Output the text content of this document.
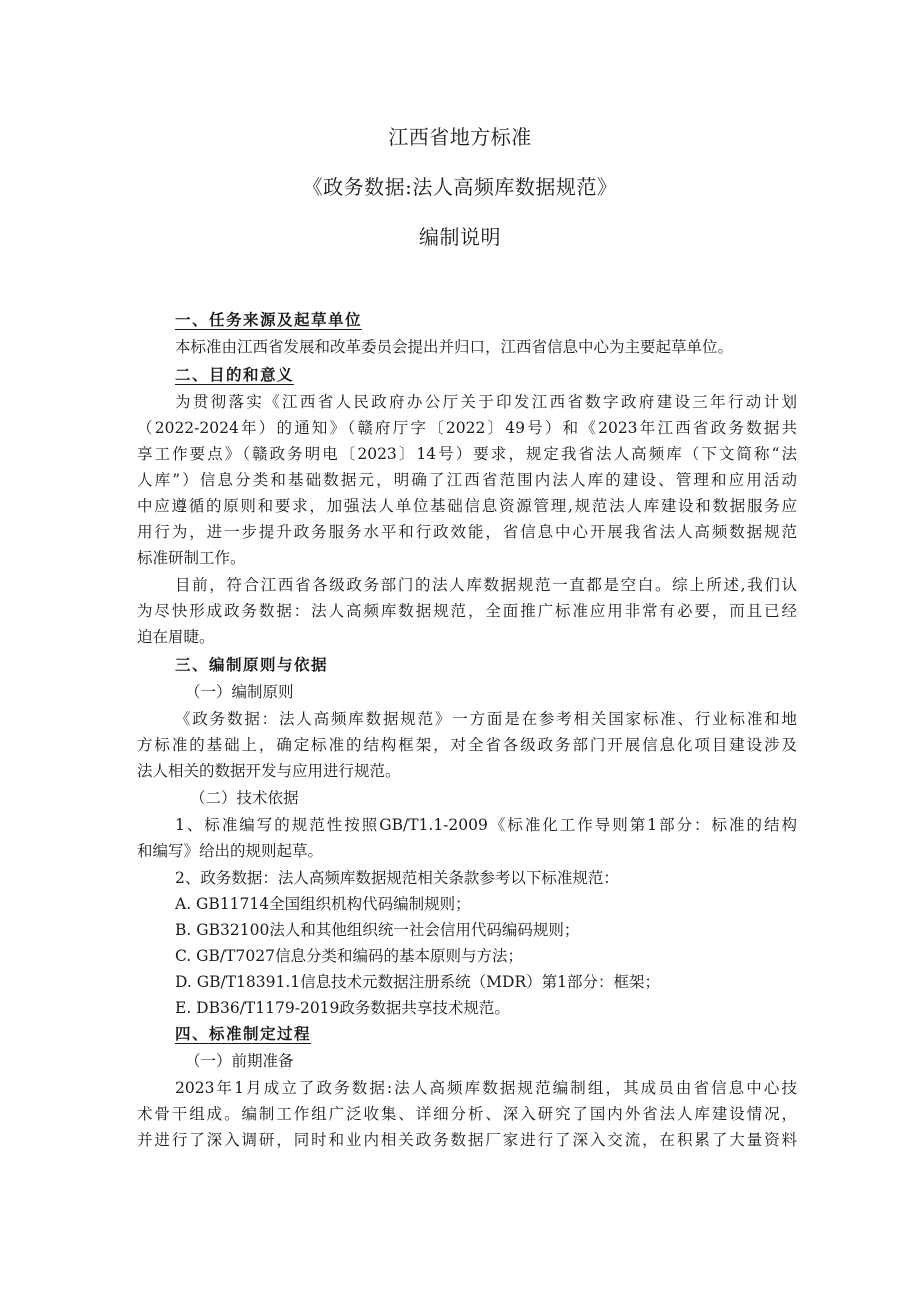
江西省地方标准
《政务数据:法人高频库数据规范》
编制说明
一、任务来源及起草单位
本标准由江西省发展和改革委员会提出并归口，江西省信息中心为主要起草单位。
二、目的和意义
为贯彻落实《江西省人民政府办公厅关于印发江西省数字政府建设三年行动计划
（2022-2024年）的通知》（赣府厅字〔2022〕49号）和《2023年江西省政务数据共
享工作要点》（赣政务明电〔2023〕14号）要求，规定我省法人高频库（下文简称“法
人库”）信息分类和基础数据元，明确了江西省范围内法人库的建设、管理和应用活动
中应遵循的原则和要求，加强法人单位基础信息资源管理,规范法人库建设和数据服务应
用行为，进一步提升政务服务水平和行政效能，省信息中心开展我省法人高频数据规范
标准研制工作。
目前，符合江西省各级政务部门的法人库数据规范一直都是空白。综上所述,我们认
为尽快形成政务数据：法人高频库数据规范，全面推广标准应用非常有必要，而且已经
迫在眉睫。
三、编制原则与依据
（一）编制原则
《政务数据：法人高频库数据规范》一方面是在参考相关国家标准、行业标准和地
方标准的基础上，确定标准的结构框架，对全省各级政务部门开展信息化项目建设涉及
法人相关的数据开发与应用进行规范。
（二）技术依据
1、标准编写的规范性按照GB/T1.1-2009《标准化工作导则第1部分：标准的结构
和编写》给出的规则起草。
2、政务数据：法人高频库数据规范相关条款参考以下标准规范：
A. GB11714全国组织机构代码编制规则；
B. GB32100法人和其他组织统一社会信用代码编码规则；
C. GB/T7027信息分类和编码的基本原则与方法；
D. GB/T18391.1信息技术元数据注册系统（MDR）第1部分：框架；
E. DB36/T1179-2019政务数据共享技术规范。
四、标准制定过程
（一）前期准备
2023年1月成立了政务数据:法人高频库数据规范编制组，其成员由省信息中心技
术骨干组成。编制工作组广泛收集、详细分析、深入研究了国内外省法人库建设情况，
并进行了深入调研，同时和业内相关政务数据厂家进行了深入交流，在积累了大量资料
